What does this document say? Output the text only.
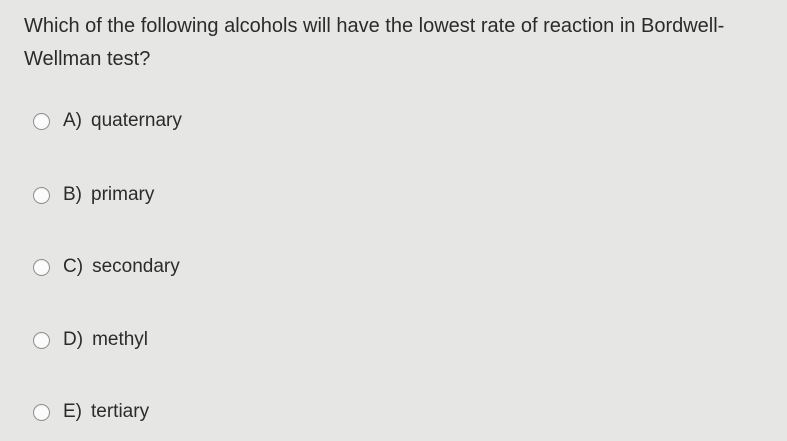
Which of the following alcohols will have the lowest rate of reaction in Bordwell-Wellman test?

A) quaternary
B) primary
C) secondary
D) methyl
E) tertiary
